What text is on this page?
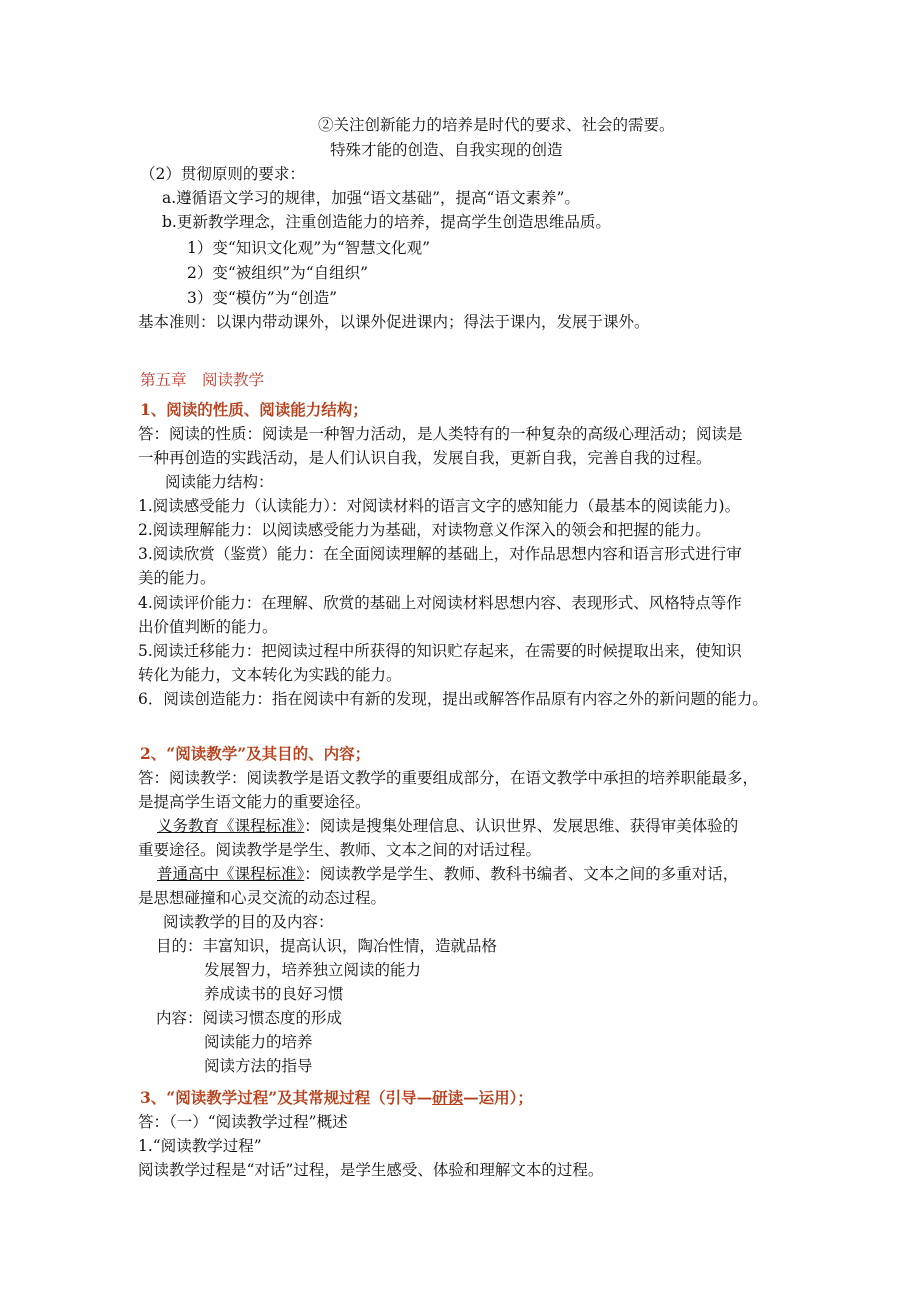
②关注创新能力的培养是时代的要求、社会的需要。
特殊才能的创造、自我实现的创造
（2）贯彻原则的要求：
a.遵循语文学习的规律，加强“语文基础”，提高“语文素养”。
b.更新教学理念，注重创造能力的培养，提高学生创造思维品质。
1）变“知识文化观”为“智慧文化观”
2）变“被组织”为“自组织”
3）变“模仿”为“创造”
基本准则：以课内带动课外，以课外促进课内；得法于课内，发展于课外。
第五章　阅读教学
1、阅读的性质、阅读能力结构；
答：阅读的性质：阅读是一种智力活动，是人类特有的一种复杂的高级心理活动；阅读是
一种再创造的实践活动，是人们认识自我，发展自我，更新自我，完善自我的过程。
阅读能力结构：
1.阅读感受能力（认读能力）：对阅读材料的语言文字的感知能力（最基本的阅读能力)。
2.阅读理解能力：以阅读感受能力为基础，对读物意义作深入的领会和把握的能力。
3.阅读欣赏（鉴赏）能力：在全面阅读理解的基础上，对作品思想内容和语言形式进行审
美的能力。
4.阅读评价能力：在理解、欣赏的基础上对阅读材料思想内容、表现形式、风格特点等作
出价值判断的能力。
5.阅读迁移能力：把阅读过程中所获得的知识贮存起来，在需要的时候提取出来，使知识
转化为能力，文本转化为实践的能力。
6．阅读创造能力：指在阅读中有新的发现，提出或解答作品原有内容之外的新问题的能力。
2、“阅读教学”及其目的、内容；
答：阅读教学：阅读教学是语文教学的重要组成部分，在语文教学中承担的培养职能最多，
是提高学生语文能力的重要途径。
义务教育《课程标准》：阅读是搜集处理信息、认识世界、发展思维、获得审美体验的
重要途径。阅读教学是学生、教师、文本之间的对话过程。
普通高中《课程标准》：阅读教学是学生、教师、教科书编者、文本之间的多重对话，
是思想碰撞和心灵交流的动态过程。
阅读教学的目的及内容：
目的：丰富知识，提高认识，陶冶性情，造就品格
发展智力，培养独立阅读的能力
养成读书的良好习惯
内容：阅读习惯态度的形成
阅读能力的培养
阅读方法的指导
3、“阅读教学过程”及其常规过程（引导—研读—运用）；
答：（一）“阅读教学过程”概述
1.“阅读教学过程”
阅读教学过程是“对话”过程，是学生感受、体验和理解文本的过程。
